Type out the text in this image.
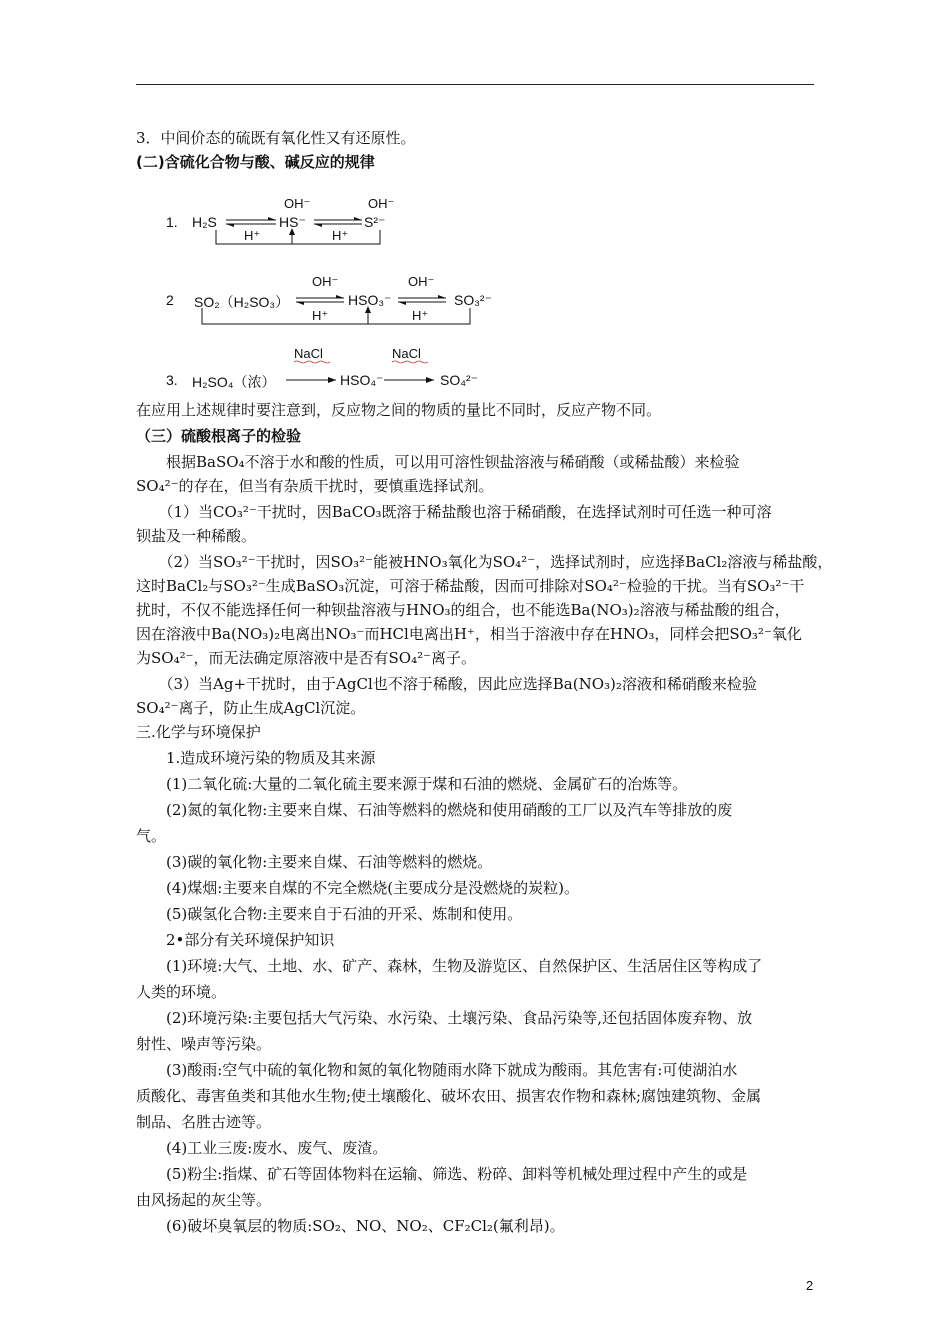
3．中间价态的硫既有氧化性又有还原性。
(二)含硫化合物与酸、碱反应的规律
1. H₂S	HS⁻	S²⁻
OH⁻	OH⁻
H⁺	H⁺
2 SO₂（H₂SO₃）	HSO₃⁻	SO₃²⁻
OH⁻	OH⁻
H⁺	H⁺
3. H₂SO₄（浓）	HSO₄⁻	SO₄²⁻
NaCl	NaCl
在应用上述规律时要注意到，反应物之间的物质的量比不同时，反应产物不同。
（三）硫酸根离子的检验
　　根据BaSO₄不溶于水和酸的性质，可以用可溶性钡盐溶液与稀硝酸（或稀盐酸）来检验
SO₄²⁻的存在，但当有杂质干扰时，要慎重选择试剂。
　　（1）当CO₃²⁻干扰时，因BaCO₃既溶于稀盐酸也溶于稀硝酸，在选择试剂时可任选一种可溶
钡盐及一种稀酸。
　　（2）当SO₃²⁻干扰时，因SO₃²⁻能被HNO₃氧化为SO₄²⁻，选择试剂时，应选择BaCl₂溶液与稀盐酸，
这时BaCl₂与SO₃²⁻生成BaSO₃沉淀，可溶于稀盐酸，因而可排除对SO₄²⁻检验的干扰。当有SO₃²⁻干
扰时，不仅不能选择任何一种钡盐溶液与HNO₃的组合，也不能选Ba(NO₃)₂溶液与稀盐酸的组合，
因在溶液中Ba(NO₃)₂电离出NO₃⁻而HCl电离出H⁺，相当于溶液中存在HNO₃，同样会把SO₃²⁻氧化
为SO₄²⁻，而无法确定原溶液中是否有SO₄²⁻离子。
　　（3）当Ag+干扰时，由于AgCl也不溶于稀酸，因此应选择Ba(NO₃)₂溶液和稀硝酸来检验
SO₄²⁻离子，防止生成AgCl沉淀。
三.化学与环境保护
　　1.造成环境污染的物质及其来源
　　(1)二氧化硫:大量的二氧化硫主要来源于煤和石油的燃烧、金属矿石的冶炼等。
　　(2)氮的氧化物:主要来自煤、石油等燃料的燃烧和使用硝酸的工厂以及汽车等排放的废
气。
　　(3)碳的氧化物:主要来自煤、石油等燃料的燃烧。
　　(4)煤烟:主要来自煤的不完全燃烧(主要成分是没燃烧的炭粒)。
　　(5)碳氢化合物:主要来自于石油的开采、炼制和使用。
　　2•部分有关环境保护知识
　　(1)环境:大气、土地、水、矿产、森林，生物及游览区、自然保护区、生活居住区等构成了
人类的环境。
　　(2)环境污染:主要包括大气污染、水污染、土壤污染、食品污染等,还包括固体废弃物、放
射性、噪声等污染。
　　(3)酸雨:空气中硫的氧化物和氮的氧化物随雨水降下就成为酸雨。其危害有:可使湖泊水
质酸化、毒害鱼类和其他水生物;使土壤酸化、破坏农田、损害农作物和森林;腐蚀建筑物、金属
制品、名胜古迹等。
　　(4)工业三废:废水、废气、废渣。
　　(5)粉尘:指煤、矿石等固体物料在运输、筛选、粉碎、卸料等机械处理过程中产生的或是
由风扬起的灰尘等。
　　(6)破坏臭氧层的物质:SO₂、NO、NO₂、CF₂Cl₂(氟利昂)。
2
